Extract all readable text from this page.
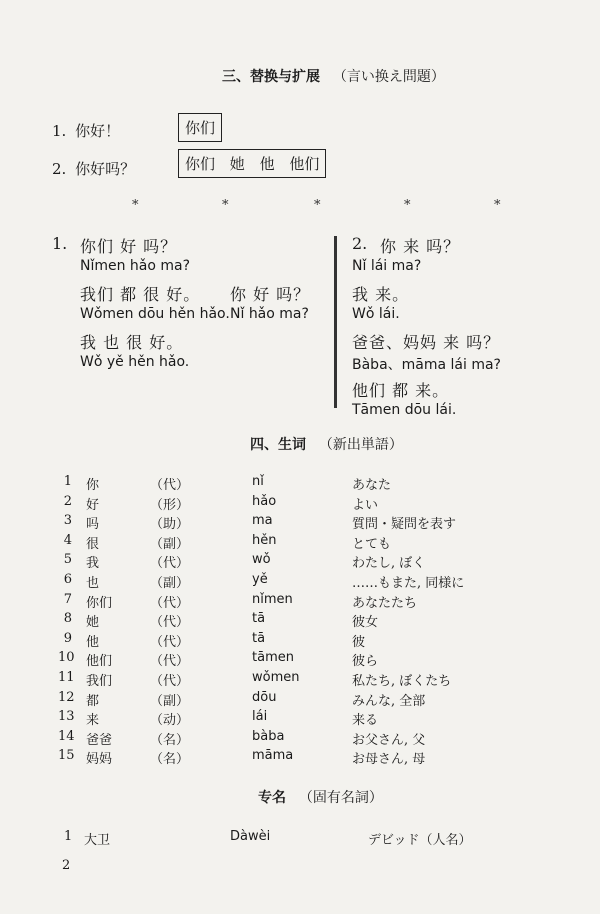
三、替换与扩展 （言い换え問題）
1. 你好！	你们
2. 你好吗？	你们 她 他 他们
*	*	*	*	*
1. 你们 好 吗？
Nǐmen hǎo ma?
我们 都 很 好。 你 好 吗？
Wǒmen dōu hěn hǎo. Nǐ hǎo ma?
我 也 很 好。
Wǒ yě hěn hǎo.
2. 你 来 吗？
Nǐ lái ma?
我 来。
Wǒ lái.
爸爸、妈妈 来 吗？
Bàba、māma lái ma?
他们 都 来。
Tāmen dōu lái.
四、生词 （新出単語）
1 你	（代）	nǐ	あなた
2 好	（形）	hǎo	よい
3 吗	（助）	ma	質問・疑問を表す
4 很	（副）	hěn	とても
5 我	（代）	wǒ	わたし, ぼく
6 也	（副）	yě	……もまた, 同様に
7 你们	（代）	nǐmen	あなたたち
8 她	（代）	tā	彼女
9 他	（代）	tā	彼
10 他们	（代）	tāmen	彼ら
11 我们	（代）	wǒmen	私たち, ぼくたち
12 都	（副）	dōu	みんな, 全部
13 来	（动）	lái	来る
14 爸爸	（名）	bàba	お父さん, 父
15 妈妈	（名）	māma	お母さん, 母
专名 （固有名詞）
1 大卫	Dàwèi	デビッド（人名）
2
